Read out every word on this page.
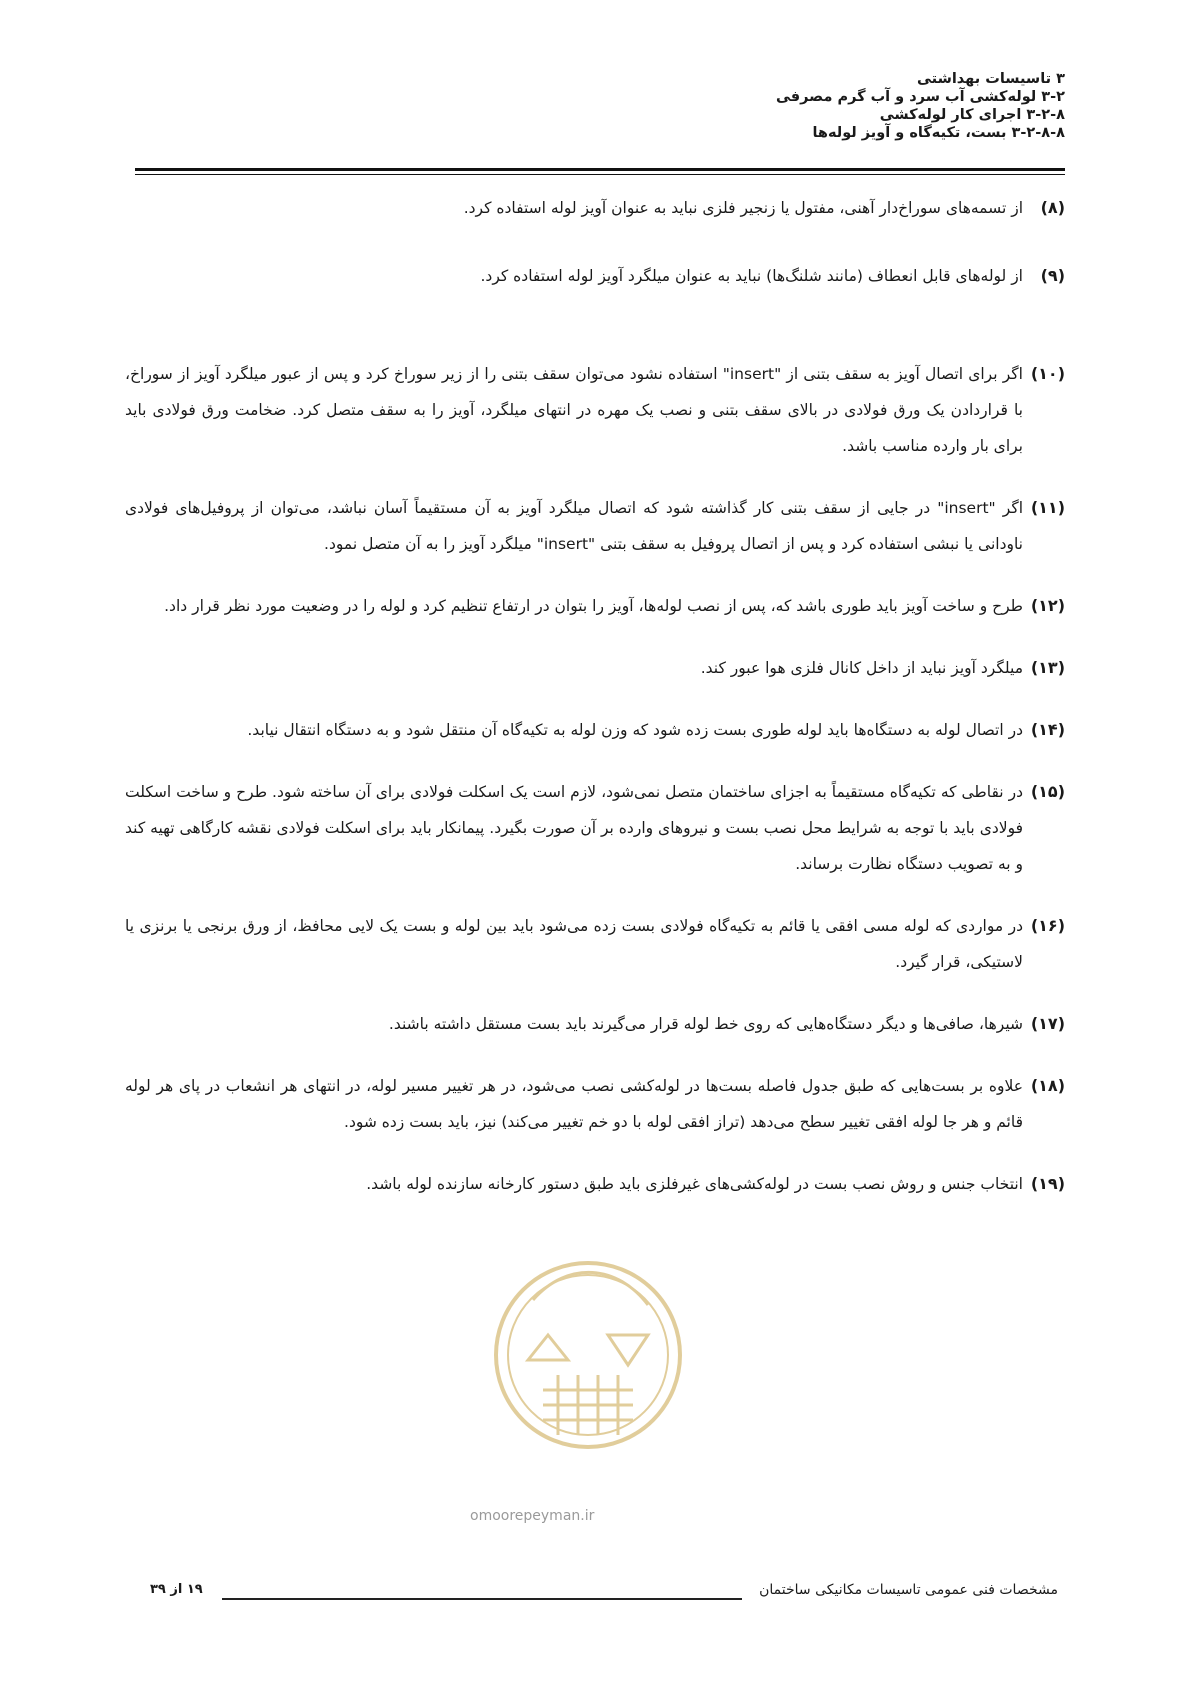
۳ تاسیسات بهداشتی
۳-۲ لوله‌کشی آب سرد و آب گرم مصرفی
۳-۲-۸ اجرای کار لوله‌کشی
۳-۲-۸-۸ بست، تکیه‌گاه و آویز لوله‌ها
(۸)
از تسمه‌های سوراخ‌دار آهنی، مفتول یا زنجیر فلزی نباید به عنوان آویز لوله استفاده کرد.
(۹)
از لوله‌های قابل انعطاف (مانند شلنگ‌ها) نباید به عنوان میلگرد آویز لوله استفاده کرد.
(۱۰)
اگر برای اتصال آویز به سقف بتنی از "insert" استفاده نشود می‌توان سقف بتنی را از زیر سوراخ کرد و پس از عبور میلگرد آویز از سوراخ، با قراردادن یک ورق فولادی در بالای سقف بتنی و نصب یک مهره در انتهای میلگرد، آویز را به سقف متصل کرد. ضخامت ورق فولادی باید برای بار وارده مناسب باشد.
(۱۱)
اگر "insert" در جایی از سقف بتنی کار گذاشته شود که اتصال میلگرد آویز به آن مستقیماً آسان نباشد، می‌توان از پروفیل‌های فولادی ناودانی یا نبشی استفاده کرد و پس از اتصال پروفیل به سقف بتنی "insert" میلگرد آویز را به آن متصل نمود.
(۱۲)
طرح و ساخت آویز باید طوری باشد که، پس از نصب لوله‌ها، آویز را بتوان در ارتفاع تنظیم کرد و لوله را در وضعیت مورد نظر قرار داد.
(۱۳)
میلگرد آویز نباید از داخل کانال فلزی هوا عبور کند.
(۱۴)
در اتصال لوله به دستگاه‌ها باید لوله طوری بست زده شود که وزن لوله به تکیه‌گاه آن منتقل شود و به دستگاه انتقال نیابد.
(۱۵)
در نقاطی که تکیه‌گاه مستقیماً به اجزای ساختمان متصل نمی‌شود، لازم است یک اسکلت فولادی برای آن ساخته شود. طرح و ساخت اسکلت فولادی باید با توجه به شرایط محل نصب بست و نیروهای وارده بر آن صورت بگیرد. پیمانکار باید برای اسکلت فولادی نقشه کارگاهی تهیه کند و به تصویب دستگاه نظارت برساند.
(۱۶)
در مواردی که لوله مسی افقی یا قائم به تکیه‌گاه فولادی بست زده می‌شود باید بین لوله و بست یک لایی محافظ، از ورق برنجی یا برنزی یا لاستیکی، قرار گیرد.
(۱۷)
شیرها، صافی‌ها و دیگر دستگاه‌هایی که روی خط لوله قرار می‌گیرند باید بست مستقل داشته باشند.
(۱۸)
علاوه بر بست‌هایی که طبق جدول فاصله بست‌ها در لوله‌کشی نصب می‌شود، در هر تغییر مسیر لوله، در انتهای هر انشعاب در پای هر لوله قائم و هر جا لوله افقی تغییر سطح می‌دهد (تراز افقی لوله با دو خم تغییر می‌کند) نیز، باید بست زده شود.
(۱۹)
انتخاب جنس و روش نصب بست در لوله‌کشی‌های غیرفلزی باید طبق دستور کارخانه سازنده لوله باشد.
omoorepeyman.ir
مشخصات فنی عمومی تاسیسات مکانیکی ساختمان
۱۹ از ۳۹
